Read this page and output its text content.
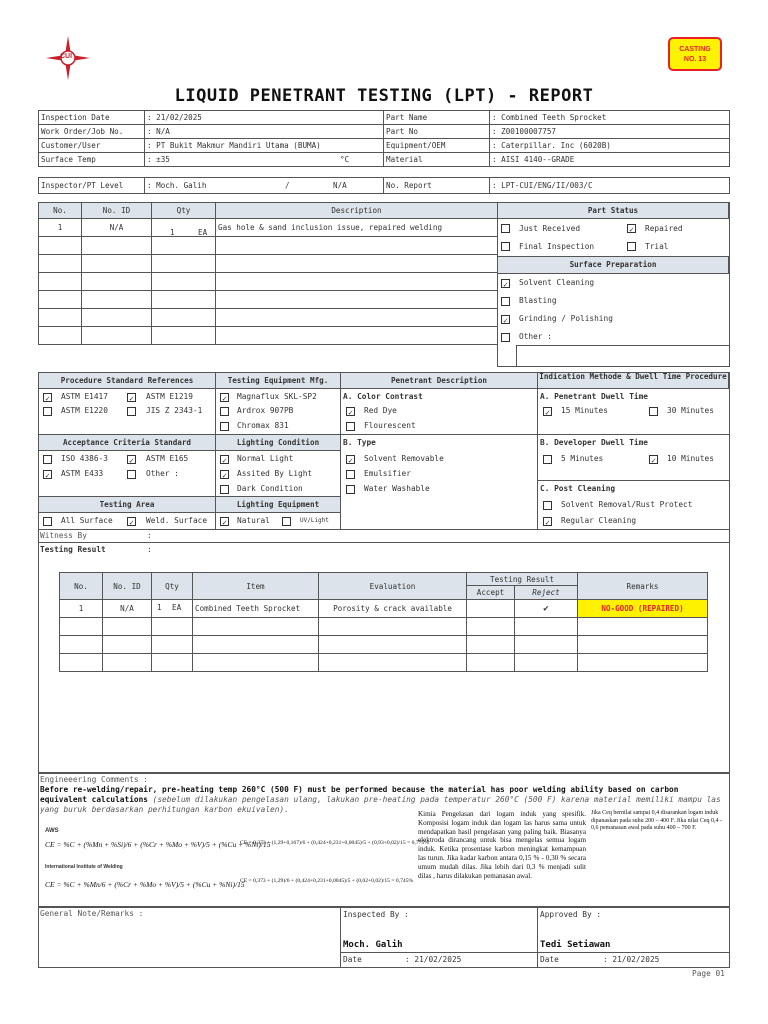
CUI
CASTING
NO. 13
LIQUID PENETRANT TESTING (LPT) - REPORT
Inspection Date	: 21/02/2025	Part Name	: Combined Teeth Sprocket
Work Order/Job No.	: N/A	Part No	: Z00100007757
Customer/User	: PT Bukit Makmur Mandiri Utama (BUMA)	Equipment/OEM	: Caterpillar. Inc (6020B)
Surface Temp	: ±35 °C	Material	: AISI 4140--GRADE
Inspector/PT Level	: Moch. Galih	/	N/A	No. Report	: LPT-CUI/ENG/II/003/C
No.	No. ID	Qty	Description
1	N/A	1 EA	Gas hole & sand inclusion issue, repaired welding

Part Status
Just Received	✓ Repaired
Final Inspection	Trial
Surface Preparation
✓ Solvent Cleaning
Blasting
✓ Grinding / Polishing
Other :
Procedure Standard References	Testing Equipment Mfg.	Penetrant Description	Indication Methode & Dwell Time Procedure
✓ ASTM E1417	✓ ASTM E1219
ASTM E1220	JIS Z 2343-1
✓ Magnaflux SKL-SP2
Ardrox 907PB
Chromax 831
A. Color Contrast
✓ Red Dye
Flourescent
A. Penetrant Dwell Time
✓ 15 Minutes	30 Minutes
Acceptance Criteria Standard	Lighting Condition	B. Type	B. Developer Dwell Time
ISO 4386-3	✓ ASTM E165
✓ ASTM E433	Other :
✓ Normal Light
✓ Assited By Light
Dark Condition
✓ Solvent Removable
Emulsifier
Water Washable
5 Minutes	✓ 10 Minutes
C. Post Cleaning
Solvent Removal/Rust Protect
✓ Regular Cleaning
Testing Area	Lighting Equipment
All Surface ✓ Weld. Surface ✓ Natural	UV/Light
Witness By	:
Testing Result	:
No.	No. ID	Qty	Item	Evaluation	Testing Result		Remarks
					Accept	Reject	
1	N/A	1 EA	Combined Teeth Sprocket	Porosity & crack available		✔	NO-GOOD (REPAIRED)

Engineeering Comments :
Before re-welding/repair, pre-heating temp 260°C (500 F) must be performed because the material has poor welding ability based on carbon equivalent calculations (sebelum dilakukan pengelasan ulang, lakukan pre-heating pada temperatur 260°C (500 F) karena material memiliki mampu las yang buruk berdasarkan perhitungan karbon ekuivalen).
AWS
CE = %C + (%Mn + %Si)/6 + (%Cr + %Mo + %V)/5 + (%Cu + %Ni)/15
CE = 0,373 + (1,29+0,167)/6 + (0,424+0,231+0,0045)/5 + (0,93+0,02)/15 = 0,775%
International Institute of Welding
CE = %C + %Mn/6 + (%Cr + %Mo + %V)/5 + (%Cu + %Ni)/15
CE = 0,373 + (1,29)/6 + (0,424+0,231+0,0045)/5 + (0,02+0,02)/15 = 0,745%
Kimia Pengelasan dari logam induk yang spesifik. Komposisi logam induk dan logam las harus sama untuk mendapatkan hasil pengelasan yang paling baik. Biasanya elektroda dirancang untuk bisa mengelas semua logam induk. Ketika prosentase karbon meningkat kemampuan las turun. Jika kadar karbon antara 0,15 % - 0,30 % secara umum mudah dilas. Jika lebih dari 0,3 % menjadi sulit dilas , harus dilakukan pemanasan awal.
Jika Ceq bernilai sampai 0,4 disarankan logam induk dipanaskan pada suhu 200 – 400 F. Jika nilai Ceq 0,4 - 0,6 pemanasan awal pada suhu 400 – 700 F.
General Note/Remarks :	Inspected By :	Approved By :
Moch. Galih	Tedi Setiawan
Date	: 21/02/2025	Date	: 21/02/2025
Page 01
